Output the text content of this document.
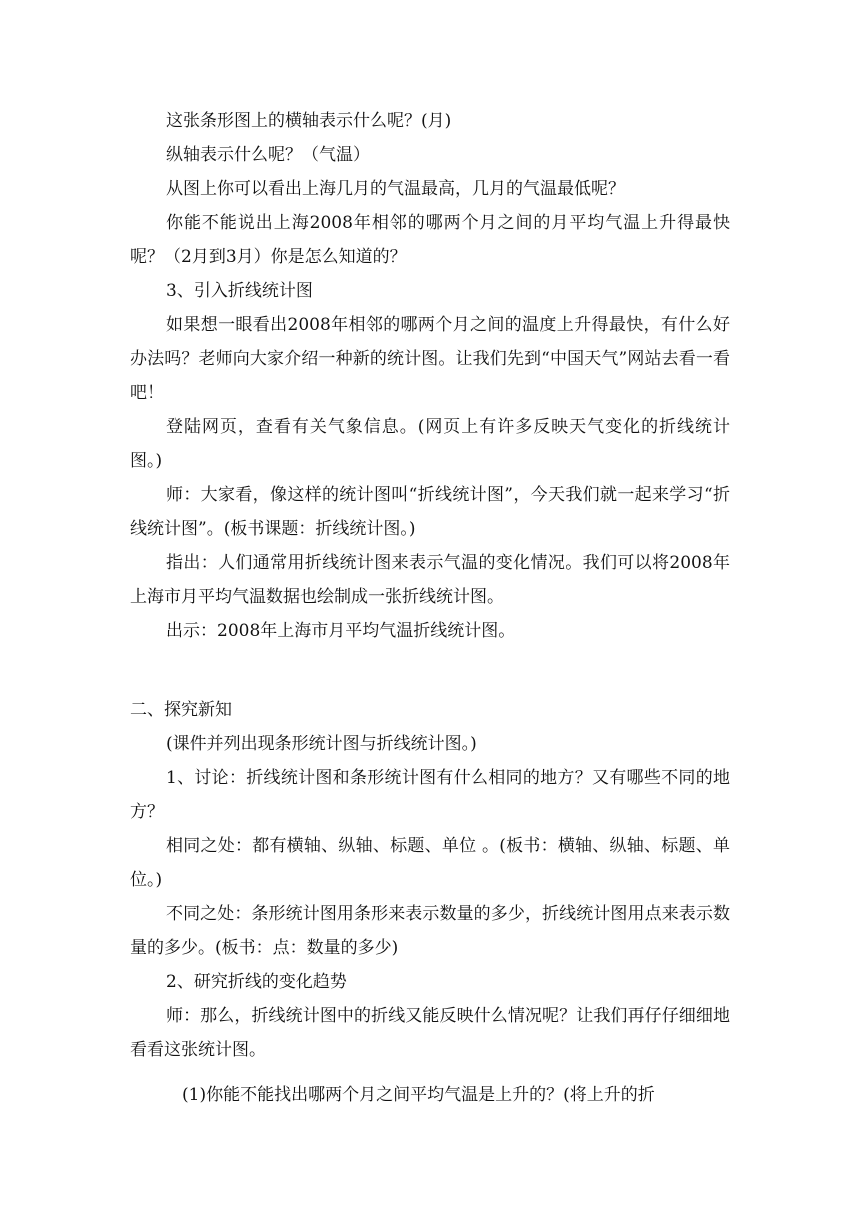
这张条形图上的横轴表示什么呢？(月)

纵轴表示什么呢？（气温）

从图上你可以看出上海几月的气温最高，几月的气温最低呢？

你能不能说出上海2008年相邻的哪两个月之间的月平均气温上升得最快呢？（2月到3月）你是怎么知道的？

3、引入折线统计图

如果想一眼看出2008年相邻的哪两个月之间的温度上升得最快，有什么好办法吗？老师向大家介绍一种新的统计图。让我们先到“中国天气”网站去看一看吧！

登陆网页，查看有关气象信息。(网页上有许多反映天气变化的折线统计图。)

师：大家看，像这样的统计图叫“折线统计图”，今天我们就一起来学习“折线统计图”。(板书课题：折线统计图。)

指出：人们通常用折线统计图来表示气温的变化情况。我们可以将2008年上海市月平均气温数据也绘制成一张折线统计图。

出示：2008年上海市月平均气温折线统计图。

二、探究新知

(课件并列出现条形统计图与折线统计图。)

1、讨论：折线统计图和条形统计图有什么相同的地方？又有哪些不同的地方？

相同之处：都有横轴、纵轴、标题、单位 。(板书：横轴、纵轴、标题、单位。)

不同之处：条形统计图用条形来表示数量的多少，折线统计图用点来表示数量的多少。(板书：点：数量的多少)

2、研究折线的变化趋势

师：那么，折线统计图中的折线又能反映什么情况呢？让我们再仔仔细细地看看这张统计图。

(1)你能不能找出哪两个月之间平均气温是上升的？(将上升的折
